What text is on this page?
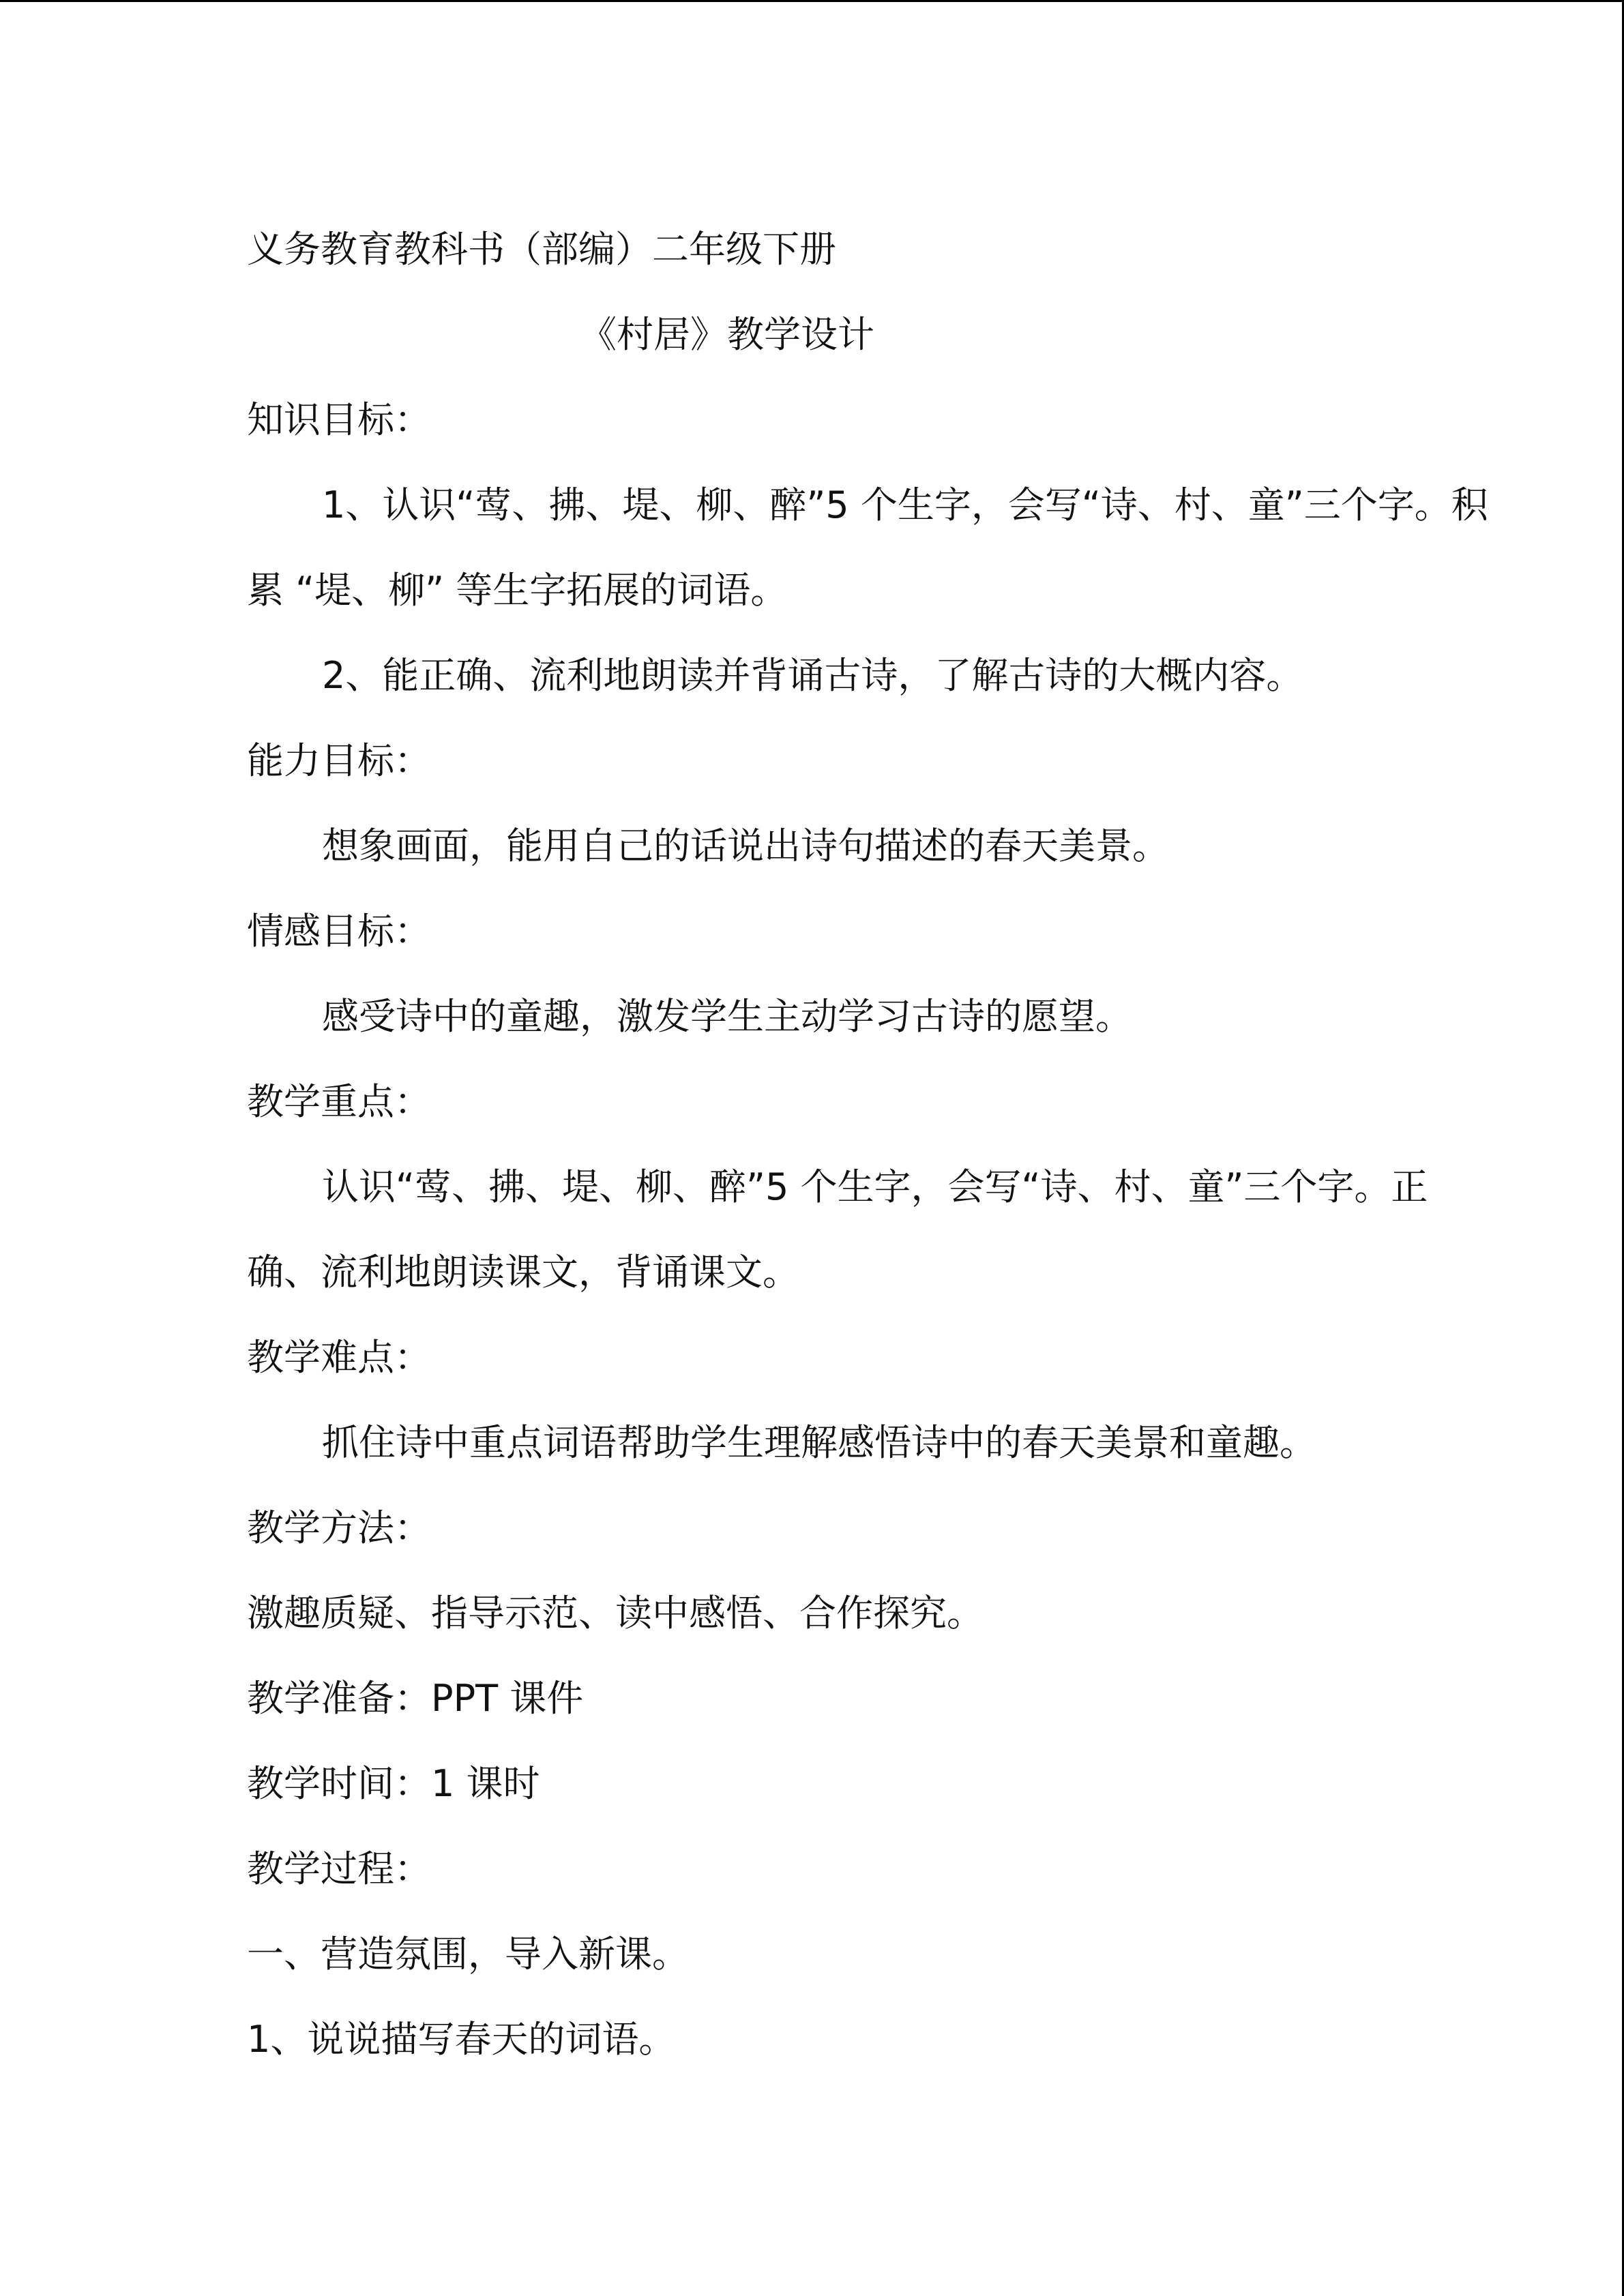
义务教育教科书（部编）二年级下册

《村居》教学设计

知识目标：

1、认识“莺、拂、堤、柳、醉”5 个生字，会写“诗、村、童”三个字。积

累 “堤、柳” 等生字拓展的词语。

2、能正确、流利地朗读并背诵古诗，了解古诗的大概内容。

能力目标：

想象画面，能用自己的话说出诗句描述的春天美景。

情感目标：

感受诗中的童趣，激发学生主动学习古诗的愿望。

教学重点：

认识“莺、拂、堤、柳、醉”5 个生字，会写“诗、村、童”三个字。正

确、流利地朗读课文，背诵课文。

教学难点：

抓住诗中重点词语帮助学生理解感悟诗中的春天美景和童趣。

教学方法：

激趣质疑、指导示范、读中感悟、合作探究。

教学准备：PPT 课件

教学时间：1 课时

教学过程：

一、营造氛围，导入新课。

1、说说描写春天的词语。
